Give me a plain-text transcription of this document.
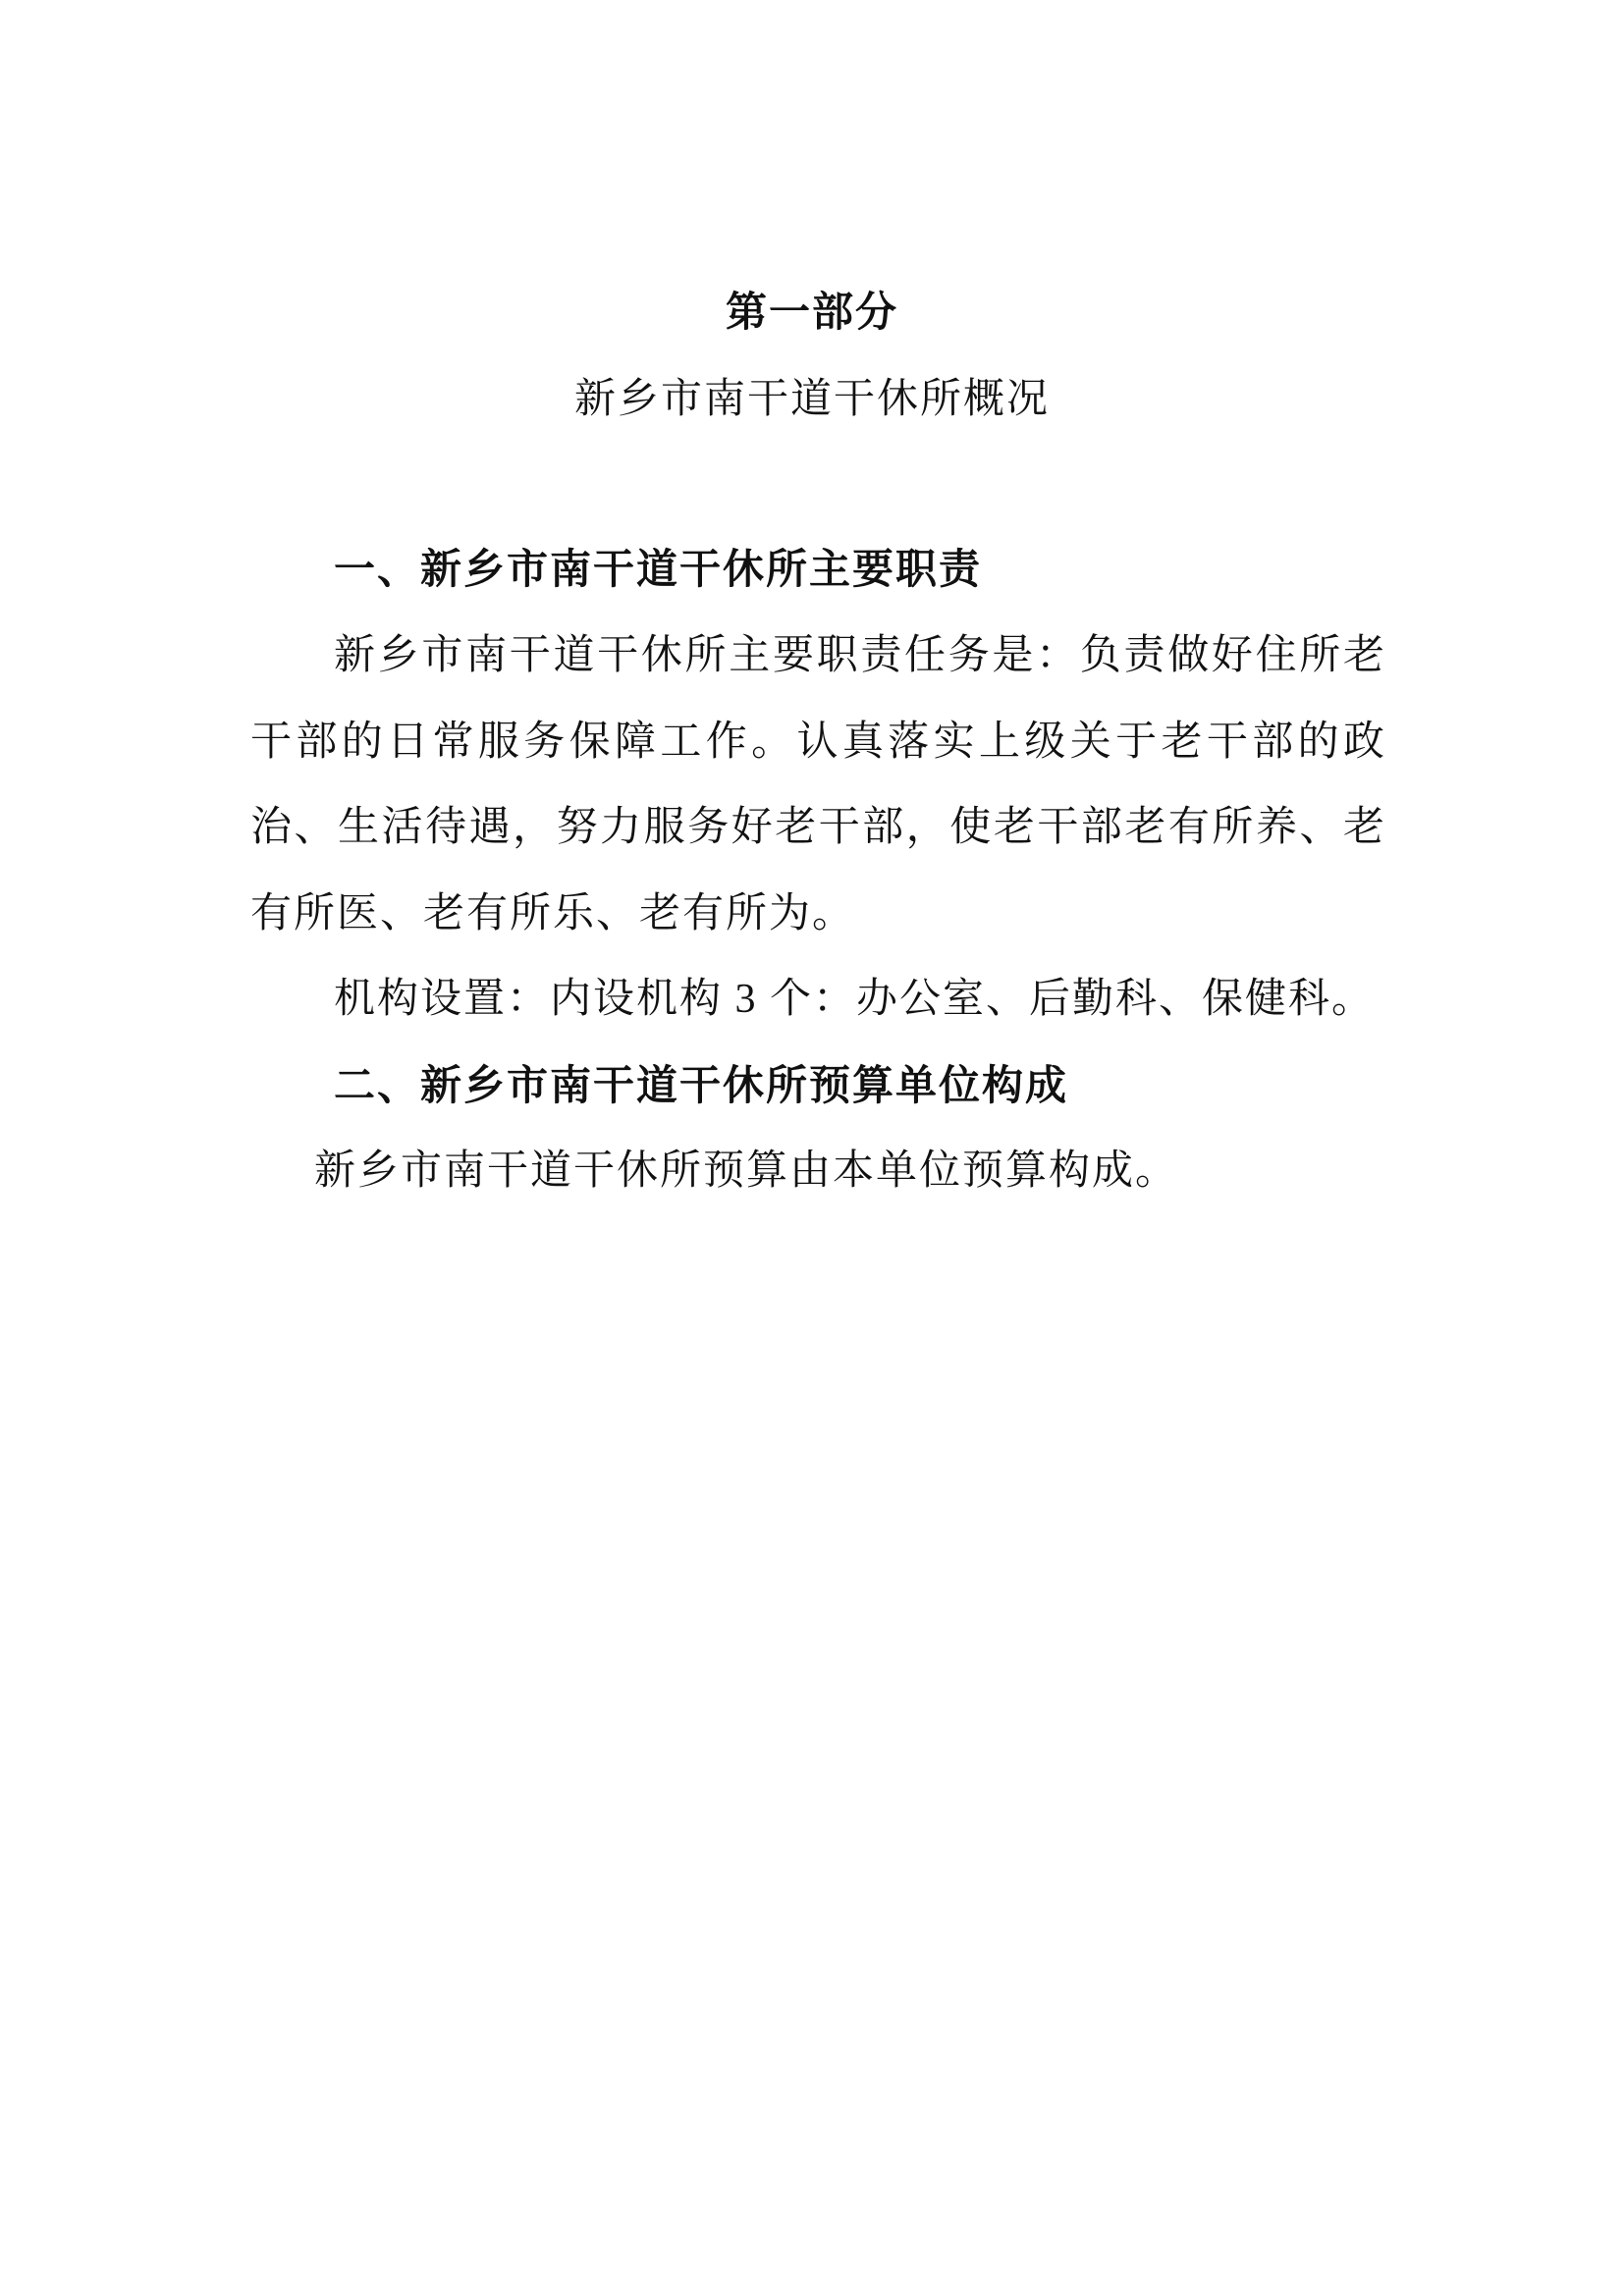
第一部分
新乡市南干道干休所概况
一、新乡市南干道干休所主要职责
新乡市南干道干休所主要职责任务是：负责做好住所老
干部的日常服务保障工作。认真落实上级关于老干部的政
治、生活待遇，努力服务好老干部，使老干部老有所养、老
有所医、老有所乐、老有所为。
机构设置：内设机构 3 个：办公室、后勤科、保健科。
二、新乡市南干道干休所预算单位构成
新乡市南干道干休所预算由本单位预算构成。
